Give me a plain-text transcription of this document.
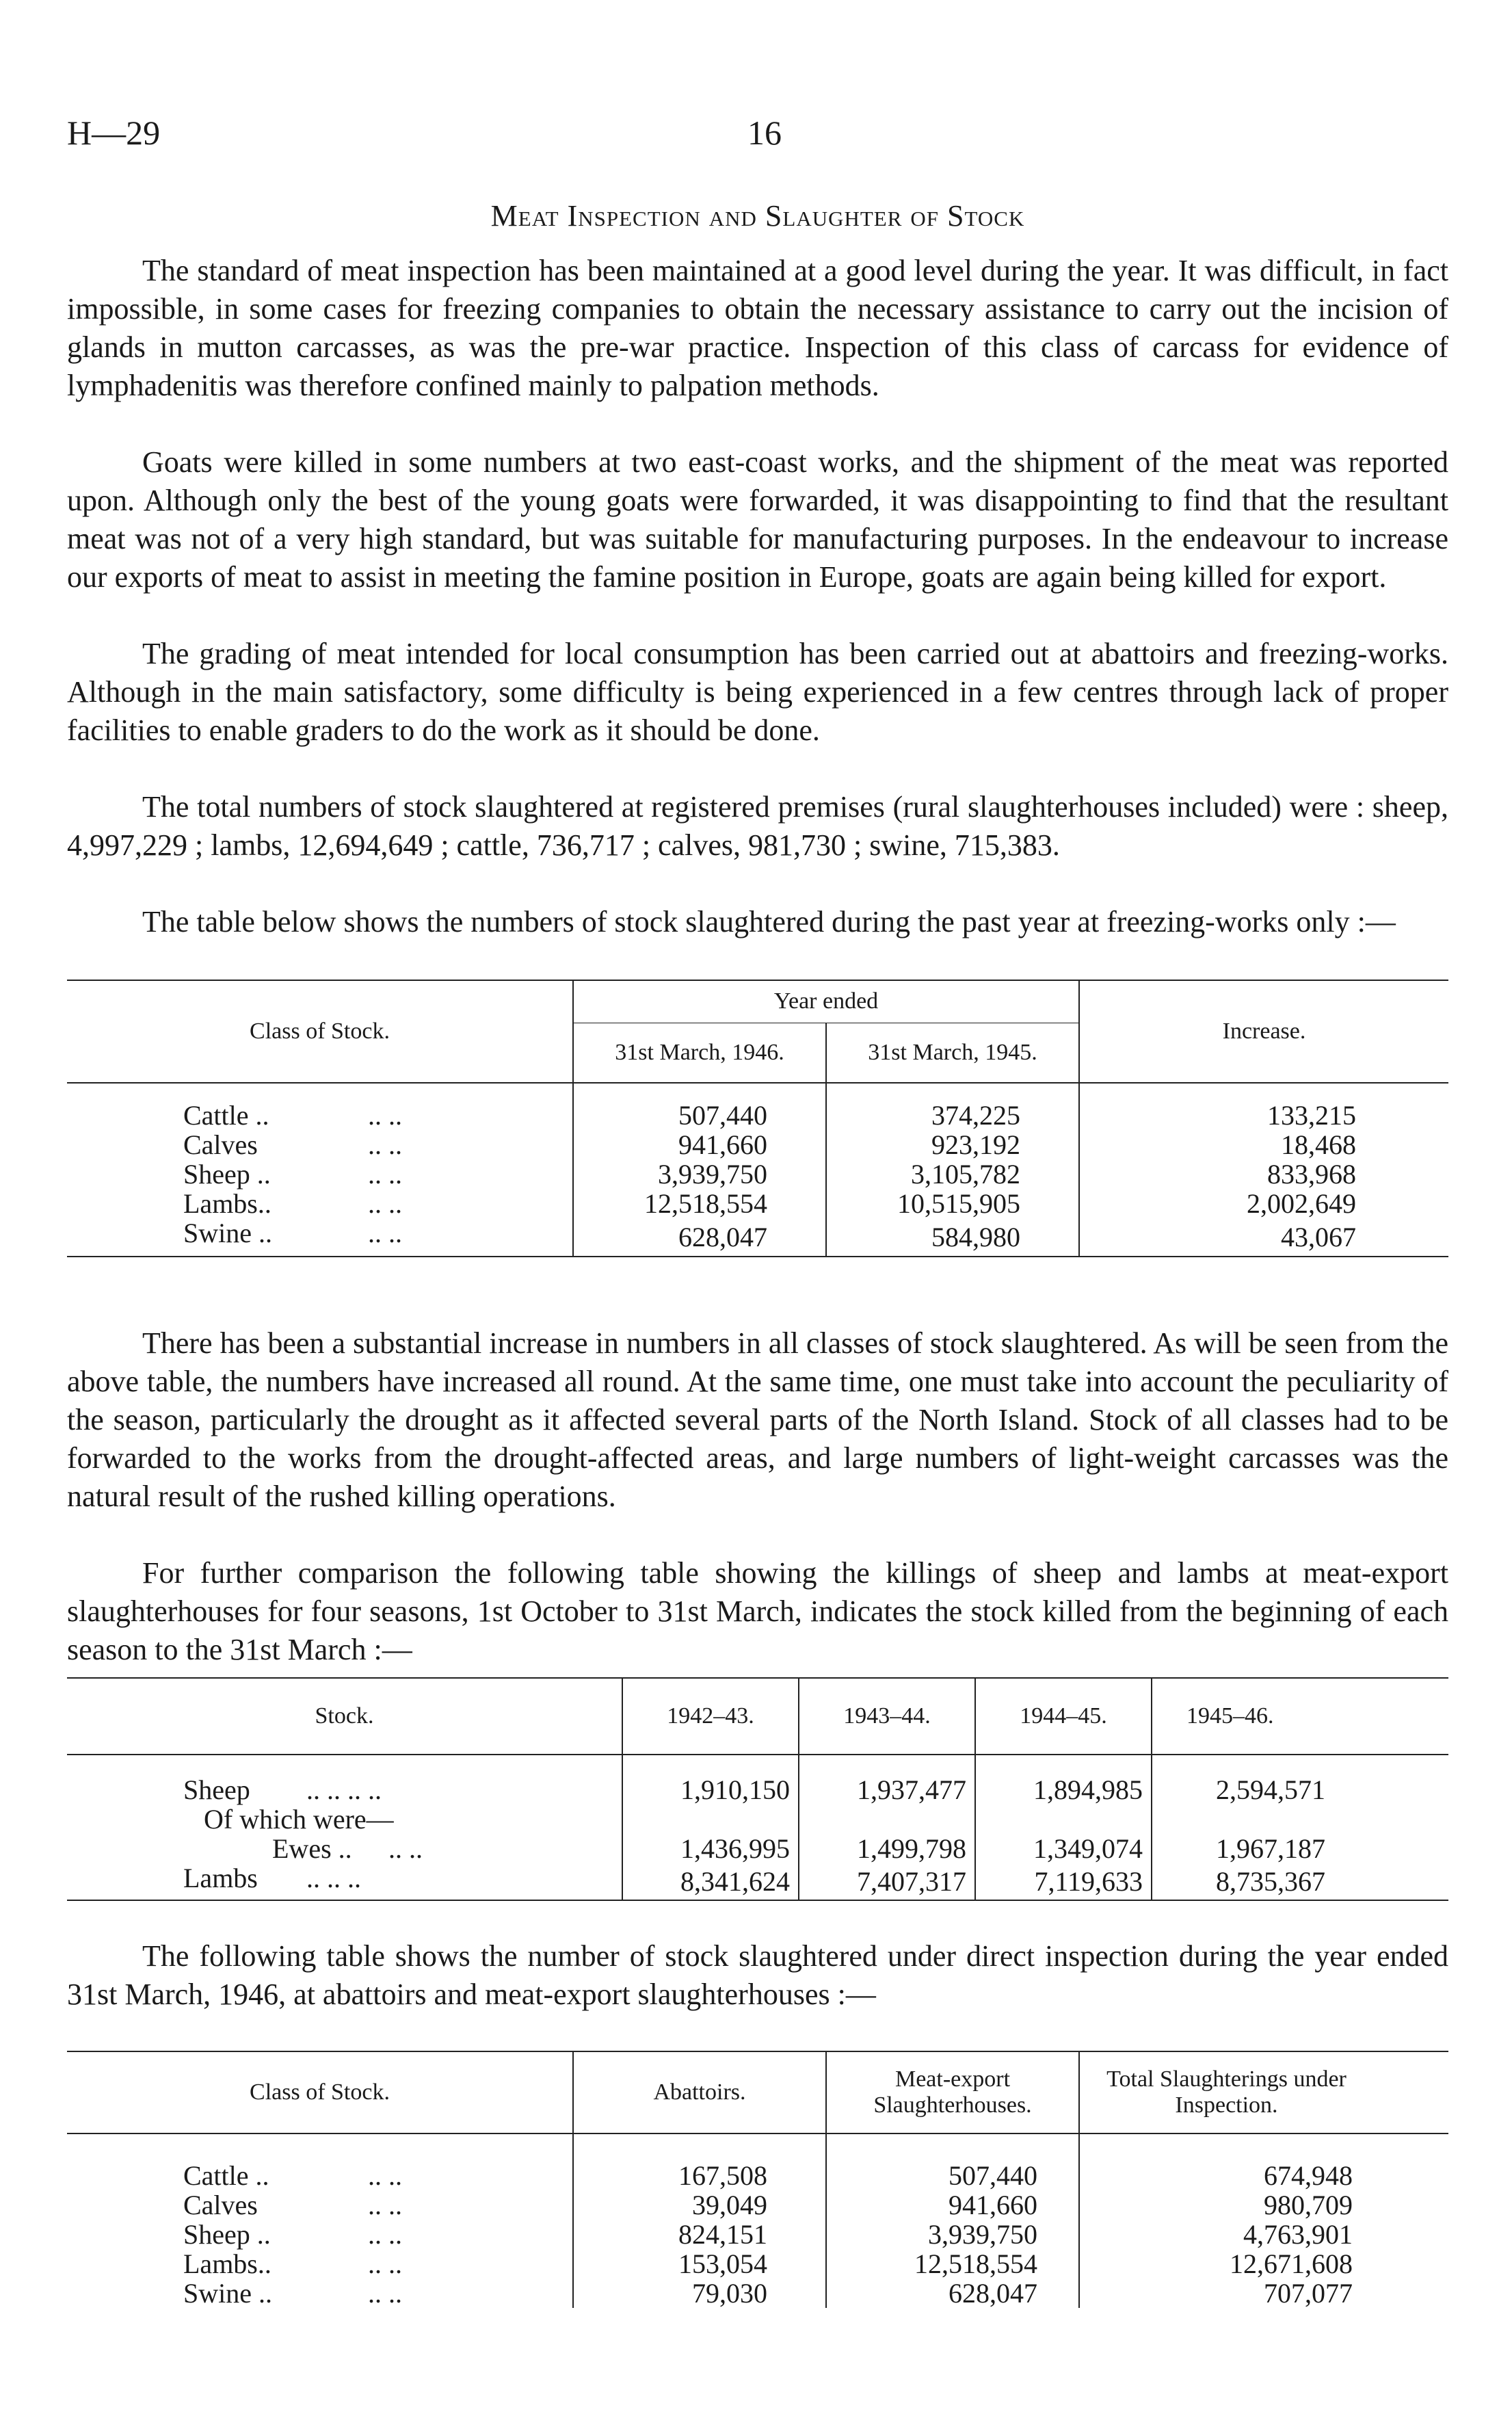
H—29	16
Meat Inspection and Slaughter of Stock

The standard of meat inspection has been maintained at a good level during the year. It was difficult, in fact impossible, in some cases for freezing companies to obtain the necessary assistance to carry out the incision of glands in mutton carcasses, as was the pre-war practice. Inspection of this class of carcass for evidence of lymphadenitis was therefore confined mainly to palpation methods.

Goats were killed in some numbers at two east-coast works, and the shipment of the meat was reported upon. Although only the best of the young goats were forwarded, it was disappointing to find that the resultant meat was not of a very high standard, but was suitable for manufacturing purposes. In the endeavour to increase our exports of meat to assist in meeting the famine position in Europe, goats are again being killed for export.

The grading of meat intended for local consumption has been carried out at abattoirs and freezing-works. Although in the main satisfactory, some difficulty is being experienced in a few centres through lack of proper facilities to enable graders to do the work as it should be done.

The total numbers of stock slaughtered at registered premises (rural slaughterhouses included) were : sheep, 4,997,229 ; lambs, 12,694,649 ; cattle, 736,717 ; calves, 981,730 ; swine, 715,383.

The table below shows the numbers of stock slaughtered during the past year at freezing-works only :—

Class of Stock.	Year ended		Increase.
	31st March, 1946.	31st March, 1945.	

Cattle .. .. ..	507,440	374,225	133,215
Calves .. ..	941,660	923,192	18,468
Sheep .. .. ..	3,939,750	3,105,782	833,968
Lambs.. .. ..	12,518,554	10,515,905	2,002,649
Swine .. .. ..	628,047	584,980	43,067

There has been a substantial increase in numbers in all classes of stock slaughtered. As will be seen from the above table, the numbers have increased all round. At the same time, one must take into account the peculiarity of the season, particularly the drought as it affected several parts of the North Island. Stock of all classes had to be forwarded to the works from the drought-affected areas, and large numbers of light-weight carcasses was the natural result of the rushed killing operations.

For further comparison the following table showing the killings of sheep and lambs at meat-export slaughterhouses for four seasons, 1st October to 31st March, indicates the stock killed from the beginning of each season to the 31st March :—

Stock.	1942–43.	1943–44.	1944–45.	1945–46.

Sheep .. .. .. ..	1,910,150	1,937,477	1,894,985	2,594,571
Of which were—				
Ewes .. .. ..	1,436,995	1,499,798	1,349,074	1,967,187
Lambs .. .. ..	8,341,624	7,407,317	7,119,633	8,735,367
Class of Stock.	Abattoirs.	Meat-export Slaughterhouses.	Total Slaughterings under Inspection.

Cattle .. .. ..	167,508	507,440	674,948
Calves .. ..	39,049	941,660	980,709
Sheep .. .. ..	824,151	3,939,750	4,763,901
Lambs.. .. ..	153,054	12,518,554	12,671,608
Swine .. .. ..	79,030	628,047	707,077

The following table shows the number of stock slaughtered under direct inspection during the year ended 31st March, 1946, at abattoirs and meat-export slaughterhouses :—
